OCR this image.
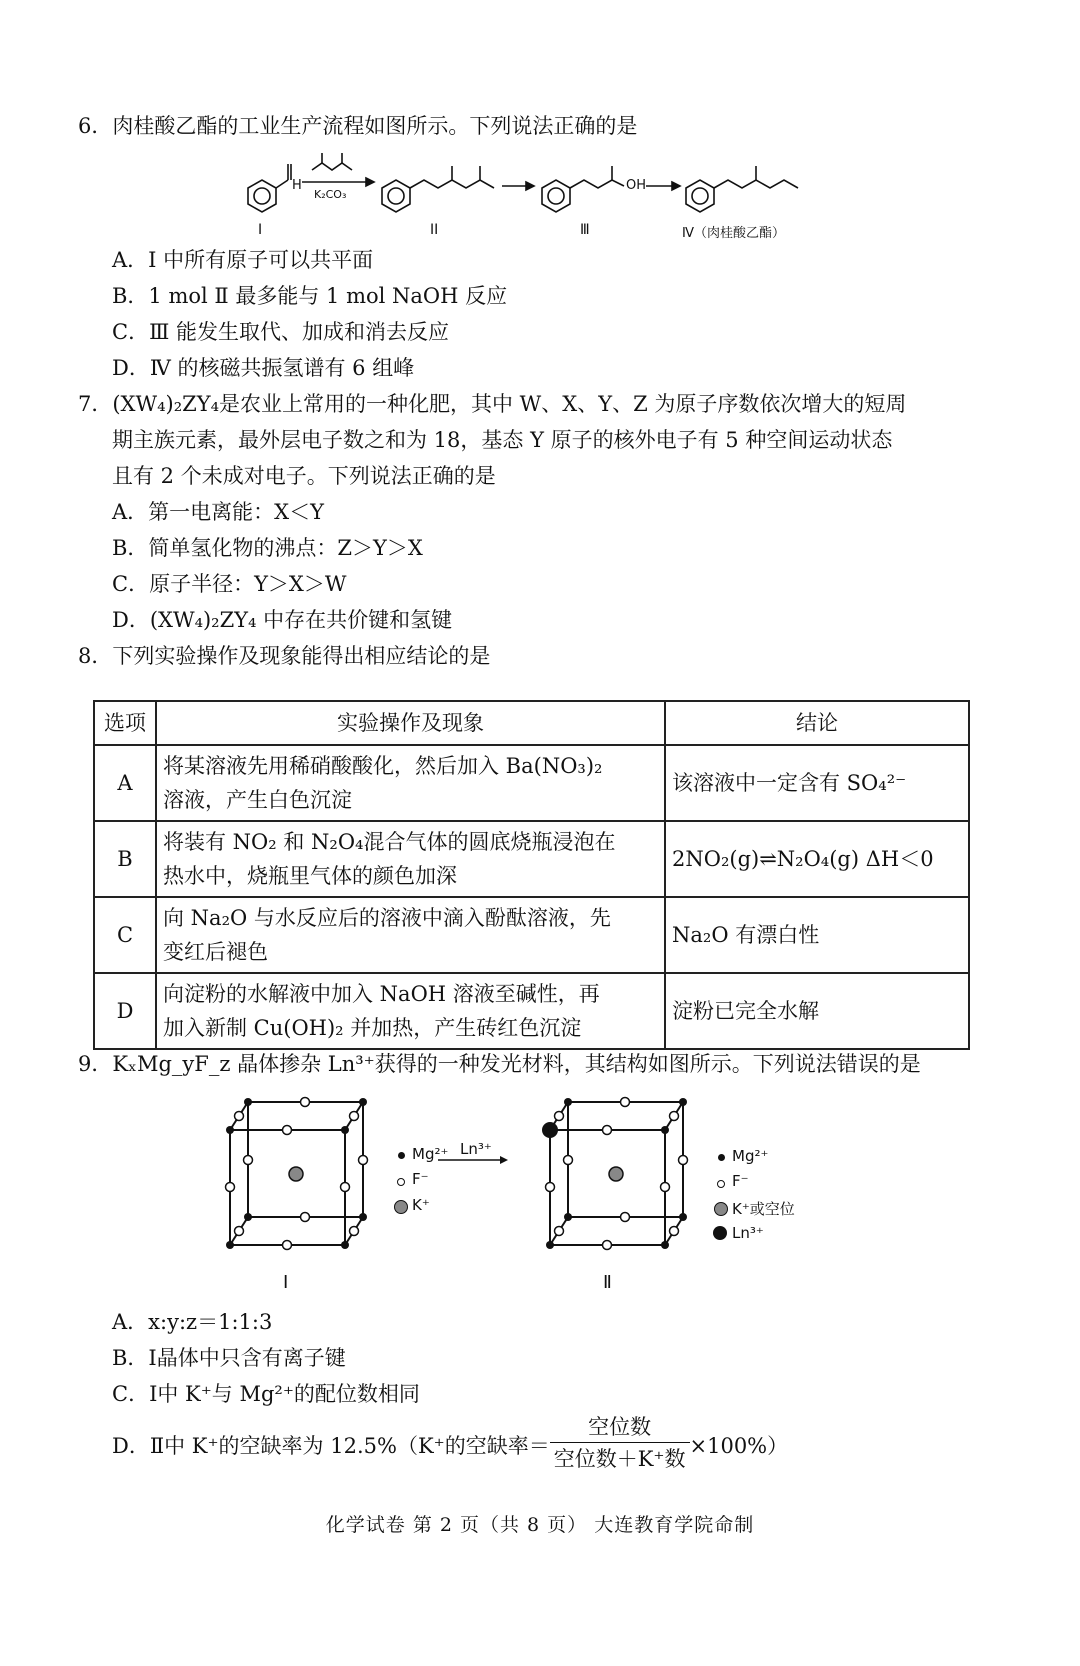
6．肉桂酸乙酯的工业生产流程如图所示。下列说法正确的是
H	OH
K₂CO₃
I	II	Ⅲ	Ⅳ（肉桂酸乙酯）
A．Ⅰ 中所有原子可以共平面
B．1 mol Ⅱ 最多能与 1 mol NaOH 反应
C．Ⅲ 能发生取代、加成和消去反应
D．Ⅳ 的核磁共振氢谱有 6 组峰
7．(XW₄)₂ZY₄是农业上常用的一种化肥，其中 W、X、Y、Z 为原子序数依次增大的短周
期主族元素，最外层电子数之和为 18，基态 Y 原子的核外电子有 5 种空间运动状态
且有 2 个未成对电子。下列说法正确的是
A．第一电离能：X＜Y
B．简单氢化物的沸点：Z＞Y＞X
C．原子半径：Y＞X＞W
D．(XW₄)₂ZY₄ 中存在共价键和氢键
8．下列实验操作及现象能得出相应结论的是
选项	实验操作及现象	结论
A	将某溶液先用稀硝酸酸化，然后加入 Ba(NO₃)₂
溶液，产生白色沉淀	该溶液中一定含有 SO₄²⁻
B	将装有 NO₂ 和 N₂O₄混合气体的圆底烧瓶浸泡在
热水中，烧瓶里气体的颜色加深	2NO₂(g)⇌N₂O₄(g) ΔH＜0
C	向 Na₂O 与水反应后的溶液中滴入酚酞溶液，先
变红后褪色	Na₂O 有漂白性
D	向淀粉的水解液中加入 NaOH 溶液至碱性，再
加入新制 Cu(OH)₂ 并加热，产生砖红色沉淀	淀粉已完全水解
9．KₓMg_yF_z 晶体掺杂 Ln³⁺获得的一种发光材料，其结构如图所示。下列说法错误的是
Mg²⁺
F⁻
K⁺
Ln³⁺	Mg²⁺
F⁻
K⁺或空位
Ln³⁺
Ⅰ	Ⅱ
A．x:y:z＝1:1:3
B．Ⅰ晶体中只含有离子键
C．Ⅰ中 K⁺与 Mg²⁺的配位数相同
D．Ⅱ中 K⁺的空缺率为 12.5%（K⁺的空缺率＝ $\frac{\text{空位数}}{\text{空位数＋K⁺数}} \times 100\%$）
化学试卷 第 2 页（共 8 页） 大连教育学院命制
